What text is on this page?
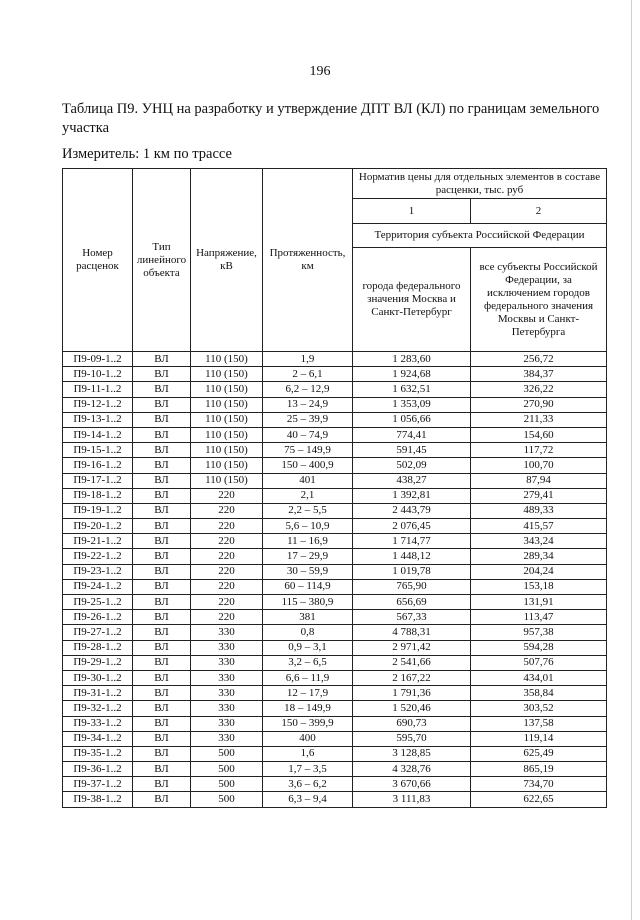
196
Таблица П9. УНЦ на разработку и утверждение ДПТ ВЛ (КЛ) по границам земельного участка
Измеритель: 1 км по трассе
Номер расценок	Тип линейного объекта	Напряжение, кВ	Протяженность, км	Норматив цены для отдельных элементов в составе расценки, тыс. руб	
				1	2
				Территория субъекта Российской Федерации	
				города федерального значения Москва и Санкт-Петербург	все субъекты Российской Федерации, за исключением городов федерального значения Москвы и Санкт-Петербурга
П9-09-1..2	ВЛ	110 (150)	1,9	1 283,60	256,72
П9-10-1..2	ВЛ	110 (150)	2 – 6,1	1 924,68	384,37
П9-11-1..2	ВЛ	110 (150)	6,2 – 12,9	1 632,51	326,22
П9-12-1..2	ВЛ	110 (150)	13 – 24,9	1 353,09	270,90
П9-13-1..2	ВЛ	110 (150)	25 – 39,9	1 056,66	211,33
П9-14-1..2	ВЛ	110 (150)	40 – 74,9	774,41	154,60
П9-15-1..2	ВЛ	110 (150)	75 – 149,9	591,45	117,72
П9-16-1..2	ВЛ	110 (150)	150 – 400,9	502,09	100,70
П9-17-1..2	ВЛ	110 (150)	401	438,27	87,94
П9-18-1..2	ВЛ	220	2,1	1 392,81	279,41
П9-19-1..2	ВЛ	220	2,2 – 5,5	2 443,79	489,33
П9-20-1..2	ВЛ	220	5,6 – 10,9	2 076,45	415,57
П9-21-1..2	ВЛ	220	11 – 16,9	1 714,77	343,24
П9-22-1..2	ВЛ	220	17 – 29,9	1 448,12	289,34
П9-23-1..2	ВЛ	220	30 – 59,9	1 019,78	204,24
П9-24-1..2	ВЛ	220	60 – 114,9	765,90	153,18
П9-25-1..2	ВЛ	220	115 – 380,9	656,69	131,91
П9-26-1..2	ВЛ	220	381	567,33	113,47
П9-27-1..2	ВЛ	330	0,8	4 788,31	957,38
П9-28-1..2	ВЛ	330	0,9 – 3,1	2 971,42	594,28
П9-29-1..2	ВЛ	330	3,2 – 6,5	2 541,66	507,76
П9-30-1..2	ВЛ	330	6,6 – 11,9	2 167,22	434,01
П9-31-1..2	ВЛ	330	12 – 17,9	1 791,36	358,84
П9-32-1..2	ВЛ	330	18 – 149,9	1 520,46	303,52
П9-33-1..2	ВЛ	330	150 – 399,9	690,73	137,58
П9-34-1..2	ВЛ	330	400	595,70	119,14
П9-35-1..2	ВЛ	500	1,6	3 128,85	625,49
П9-36-1..2	ВЛ	500	1,7 – 3,5	4 328,76	865,19
П9-37-1..2	ВЛ	500	3,6 – 6,2	3 670,66	734,70
П9-38-1..2	ВЛ	500	6,3 – 9,4	3 111,83	622,65
